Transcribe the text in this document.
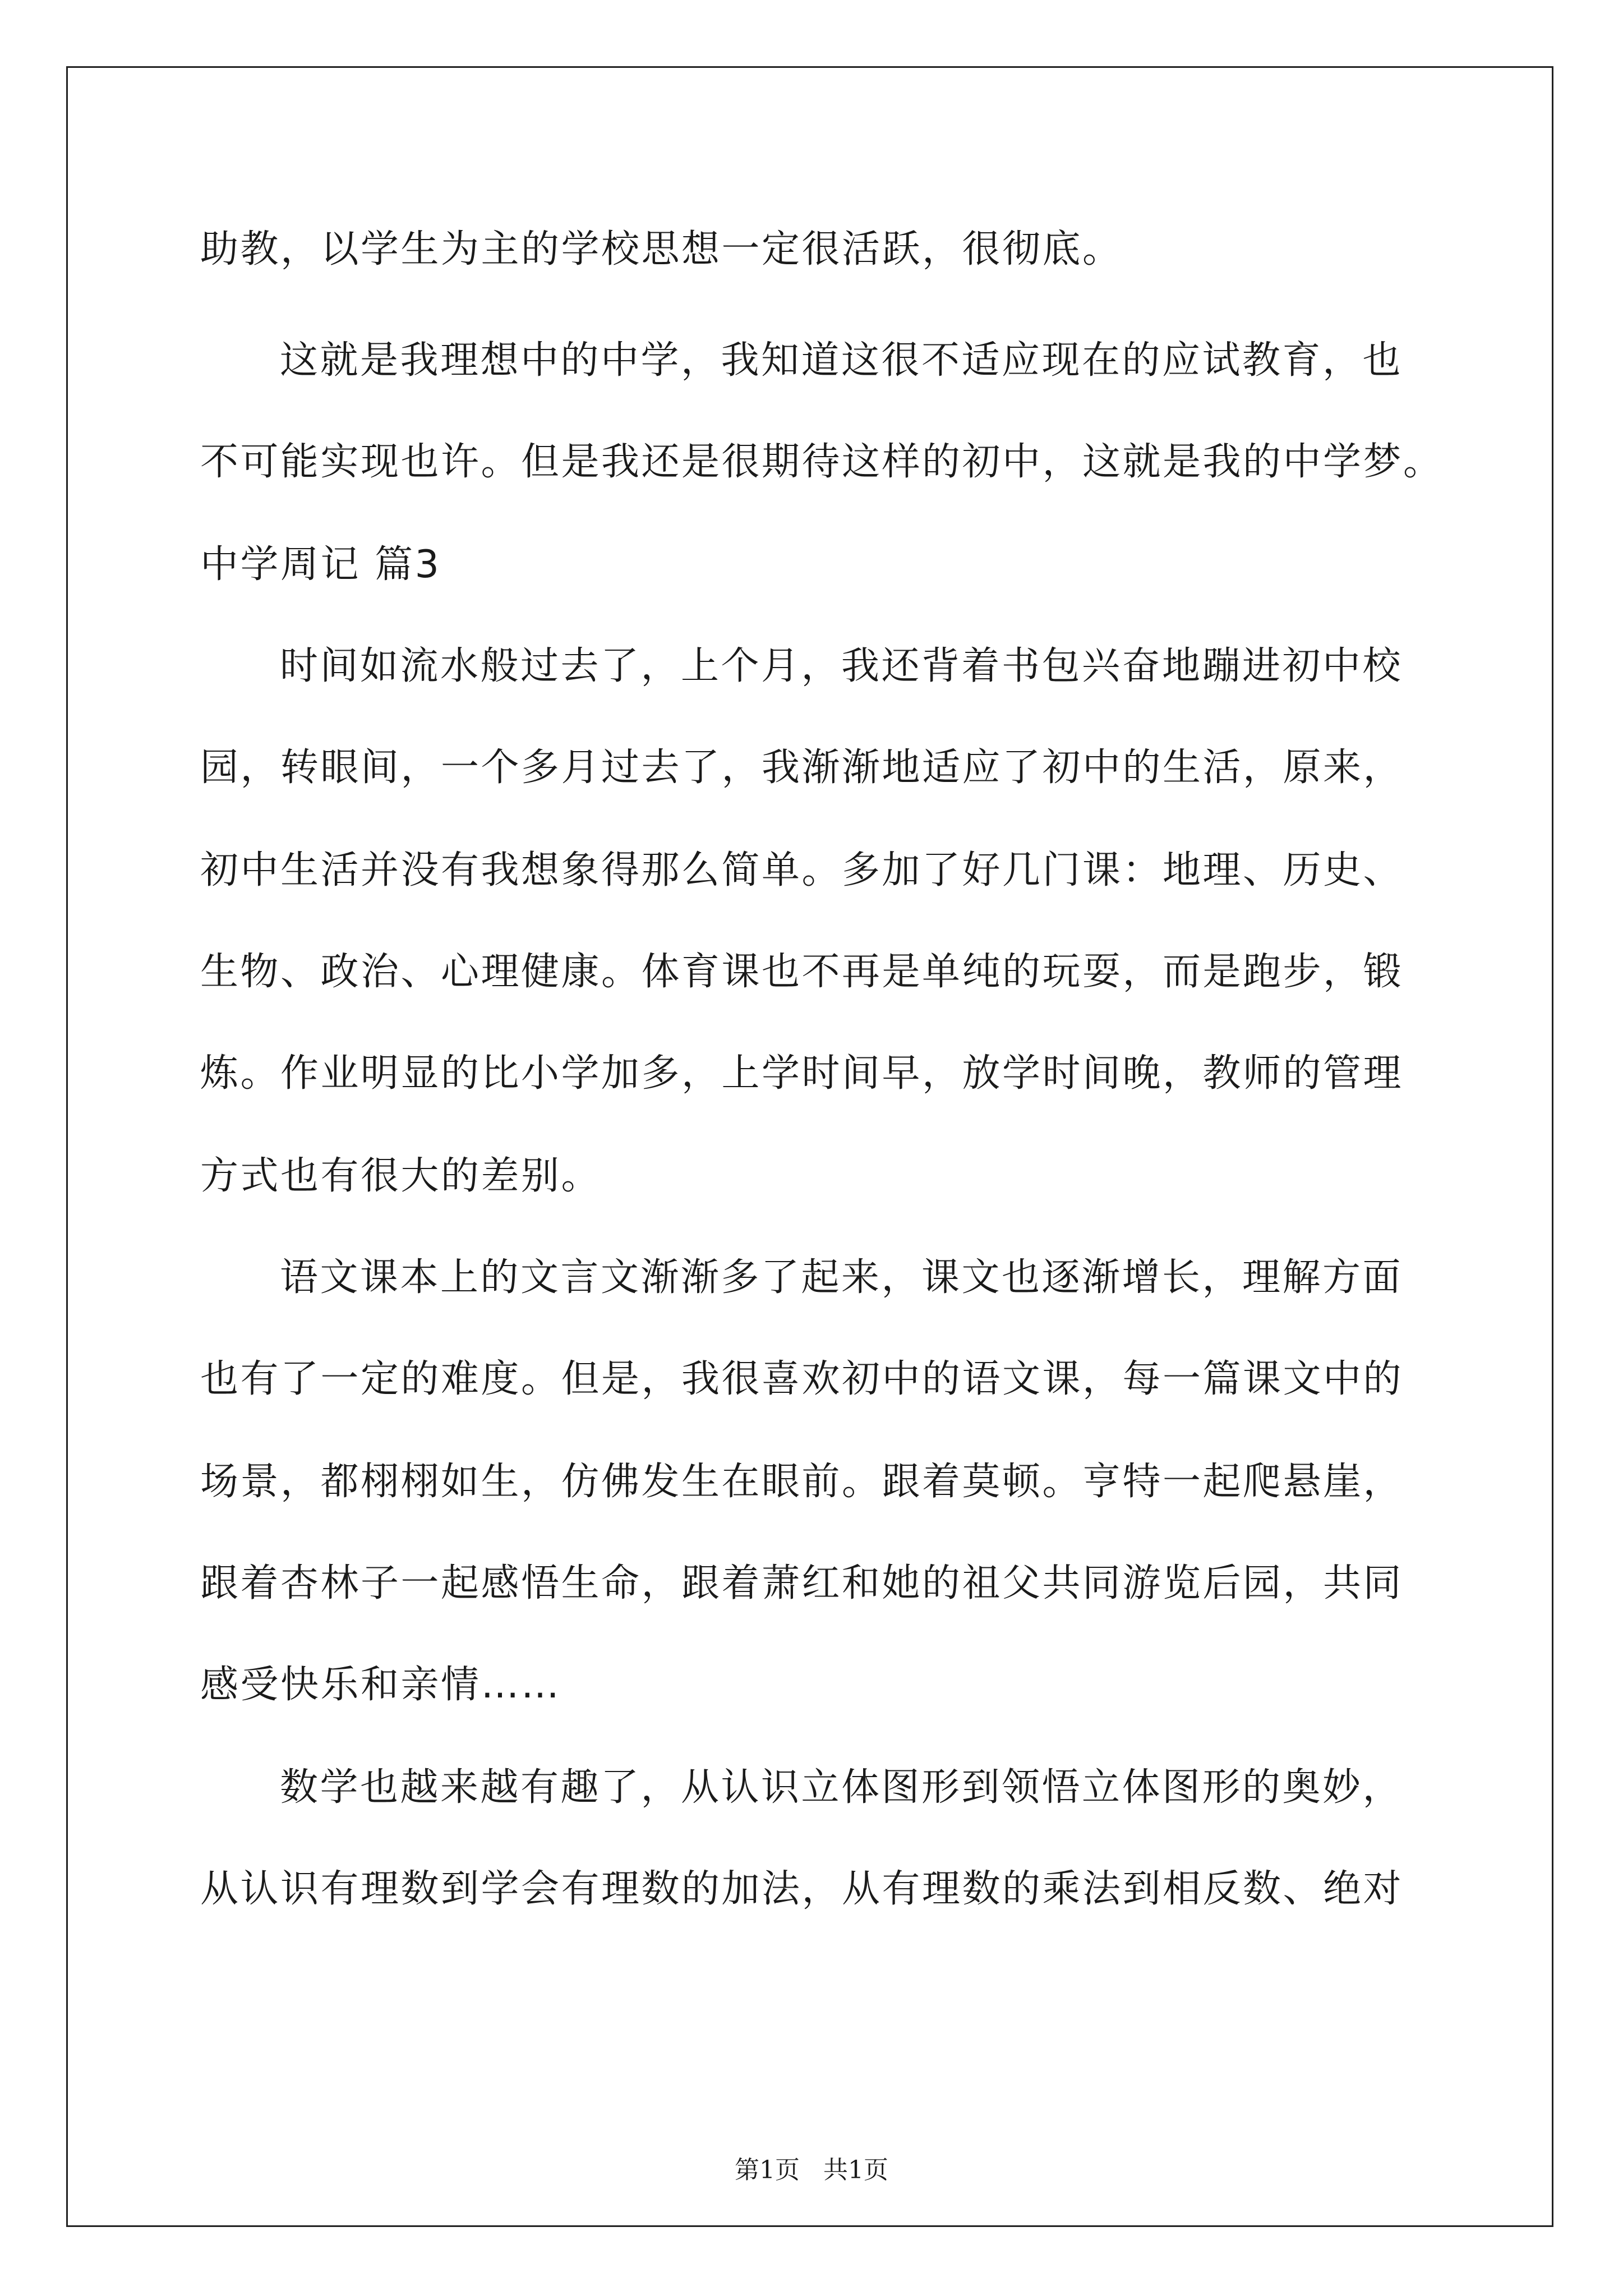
助教，以学生为主的学校思想一定很活跃，很彻底。
这就是我理想中的中学，我知道这很不适应现在的应试教育，也
不可能实现也许。但是我还是很期待这样的初中，这就是我的中学梦。
中学周记 篇3
时间如流水般过去了，上个月，我还背着书包兴奋地蹦进初中校
园，转眼间，一个多月过去了，我渐渐地适应了初中的生活，原来，
初中生活并没有我想象得那么简单。多加了好几门课：地理、历史、
生物、政治、心理健康。体育课也不再是单纯的玩耍，而是跑步，锻
炼。作业明显的比小学加多，上学时间早，放学时间晚，教师的管理
方式也有很大的差别。
语文课本上的文言文渐渐多了起来，课文也逐渐增长，理解方面
也有了一定的难度。但是，我很喜欢初中的语文课，每一篇课文中的
场景，都栩栩如生，仿佛发生在眼前。跟着莫顿。亨特一起爬悬崖，
跟着杏林子一起感悟生命，跟着萧红和她的祖父共同游览后园，共同
感受快乐和亲情……
数学也越来越有趣了，从认识立体图形到领悟立体图形的奥妙，
从认识有理数到学会有理数的加法，从有理数的乘法到相反数、绝对
第1页   共1页
